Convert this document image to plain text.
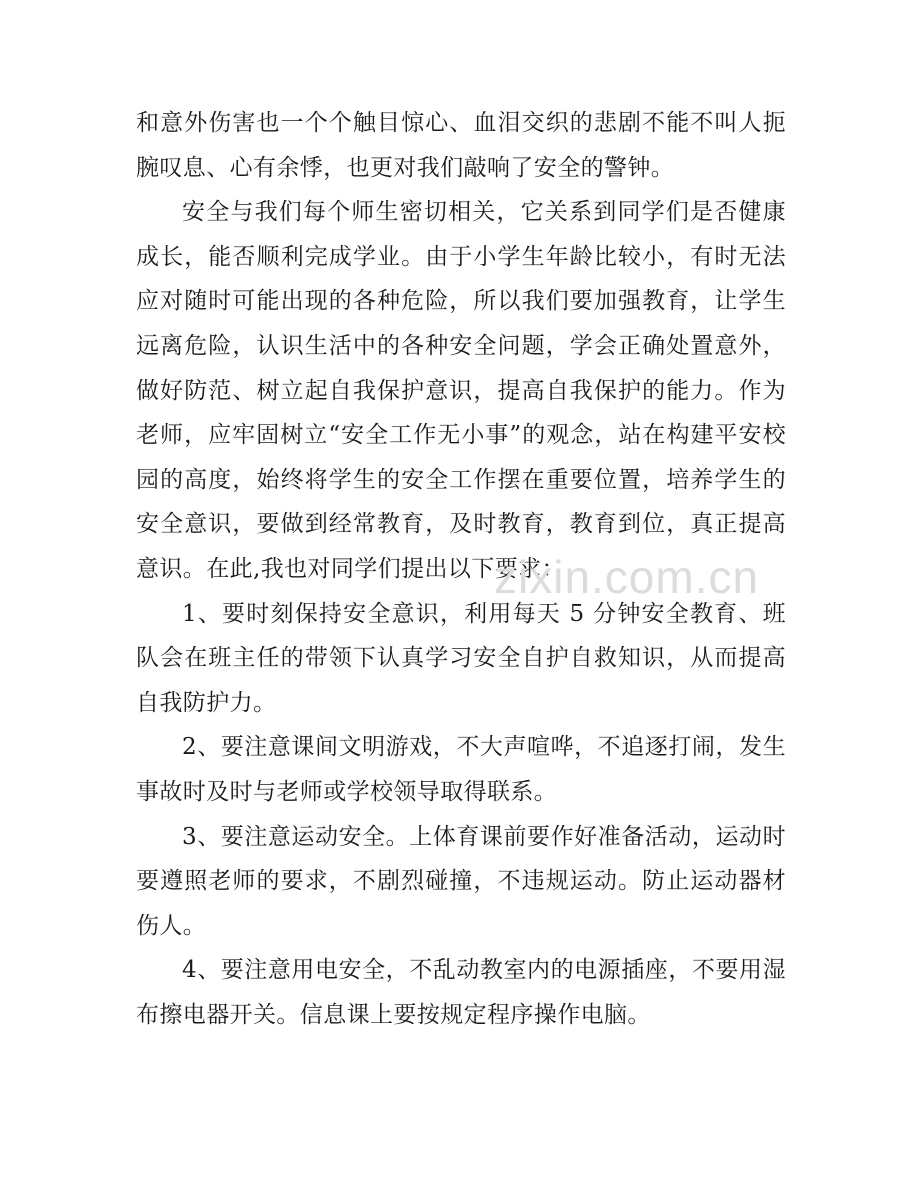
和意外伤害也一个个触目惊心、血泪交织的悲剧不能不叫人扼腕叹息、心有余悸，也更对我们敲响了安全的警钟。

安全与我们每个师生密切相关，它关系到同学们是否健康成长，能否顺利完成学业。由于小学生年龄比较小，有时无法应对随时可能出现的各种危险，所以我们要加强教育，让学生远离危险，认识生活中的各种安全问题，学会正确处置意外，做好防范、树立起自我保护意识，提高自我保护的能力。作为老师，应牢固树立“安全工作无小事”的观念，站在构建平安校园的高度，始终将学生的安全工作摆在重要位置，培养学生的安全意识，要做到经常教育，及时教育，教育到位，真正提高意识。在此,我也对同学们提出以下要求：

1、要时刻保持安全意识，利用每天 5 分钟安全教育、班队会在班主任的带领下认真学习安全自护自救知识，从而提高自我防护力。

2、要注意课间文明游戏，不大声喧哗，不追逐打闹，发生事故时及时与老师或学校领导取得联系。

3、要注意运动安全。上体育课前要作好准备活动，运动时要遵照老师的要求，不剧烈碰撞，不违规运动。防止运动器材伤人。

4、要注意用电安全，不乱动教室内的电源插座，不要用湿布擦电器开关。信息课上要按规定程序操作电脑。

zixin.com.cn
